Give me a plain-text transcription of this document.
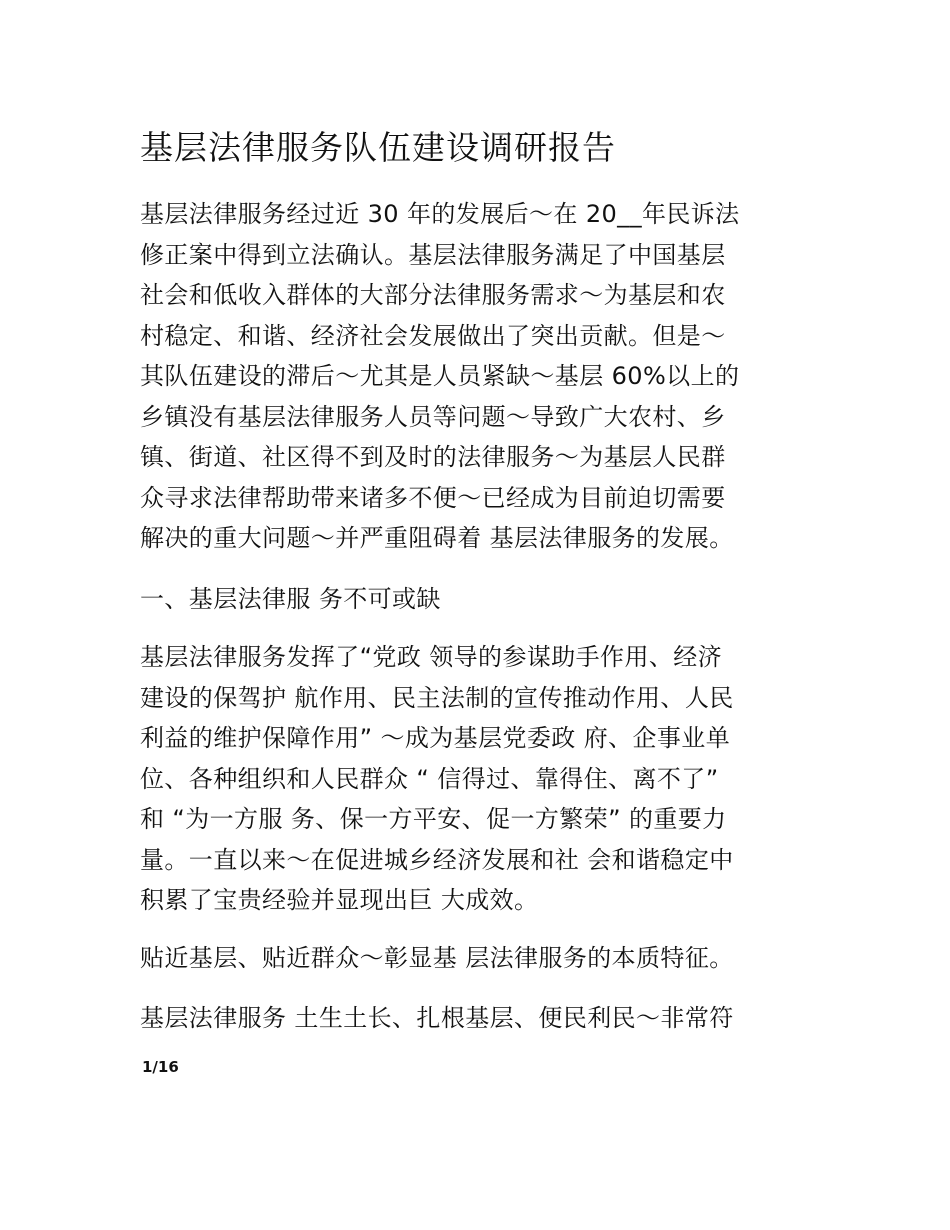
基层法律服务队伍建设调研报告

基层法律服务经过近 30 年的发展后～在 20__年民诉法
修正案中得到立法确认。基层法律服务满足了中国基层
社会和低收入群体的大部分法律服务需求～为基层和农
村稳定、和谐、经济社会发展做出了突出贡献。但是～
其队伍建设的滞后～尤其是人员紧缺～基层 60%以上的
乡镇没有基层法律服务人员等问题～导致广大农村、乡
镇、街道、社区得不到及时的法律服务～为基层人民群
众寻求法律帮助带来诸多不便～已经成为目前迫切需要
解决的重大问题～并严重阻碍着 基层法律服务的发展。

一、基层法律服 务不可或缺

基层法律服务发挥了“党政 领导的参谋助手作用、经济
建设的保驾护 航作用、民主法制的宣传推动作用、人民
利益的维护保障作用” ～成为基层党委政 府、企事业单
位、各种组织和人民群众 “ 信得过、靠得住、离不了”
和 “为一方服 务、保一方平安、促一方繁荣” 的重要力
量。一直以来～在促进城乡经济发展和社 会和谐稳定中
积累了宝贵经验并显现出巨 大成效。

贴近基层、贴近群众～彰显基 层法律服务的本质特征。

基层法律服务 土生土长、扎根基层、便民利民～非常符

1/16
